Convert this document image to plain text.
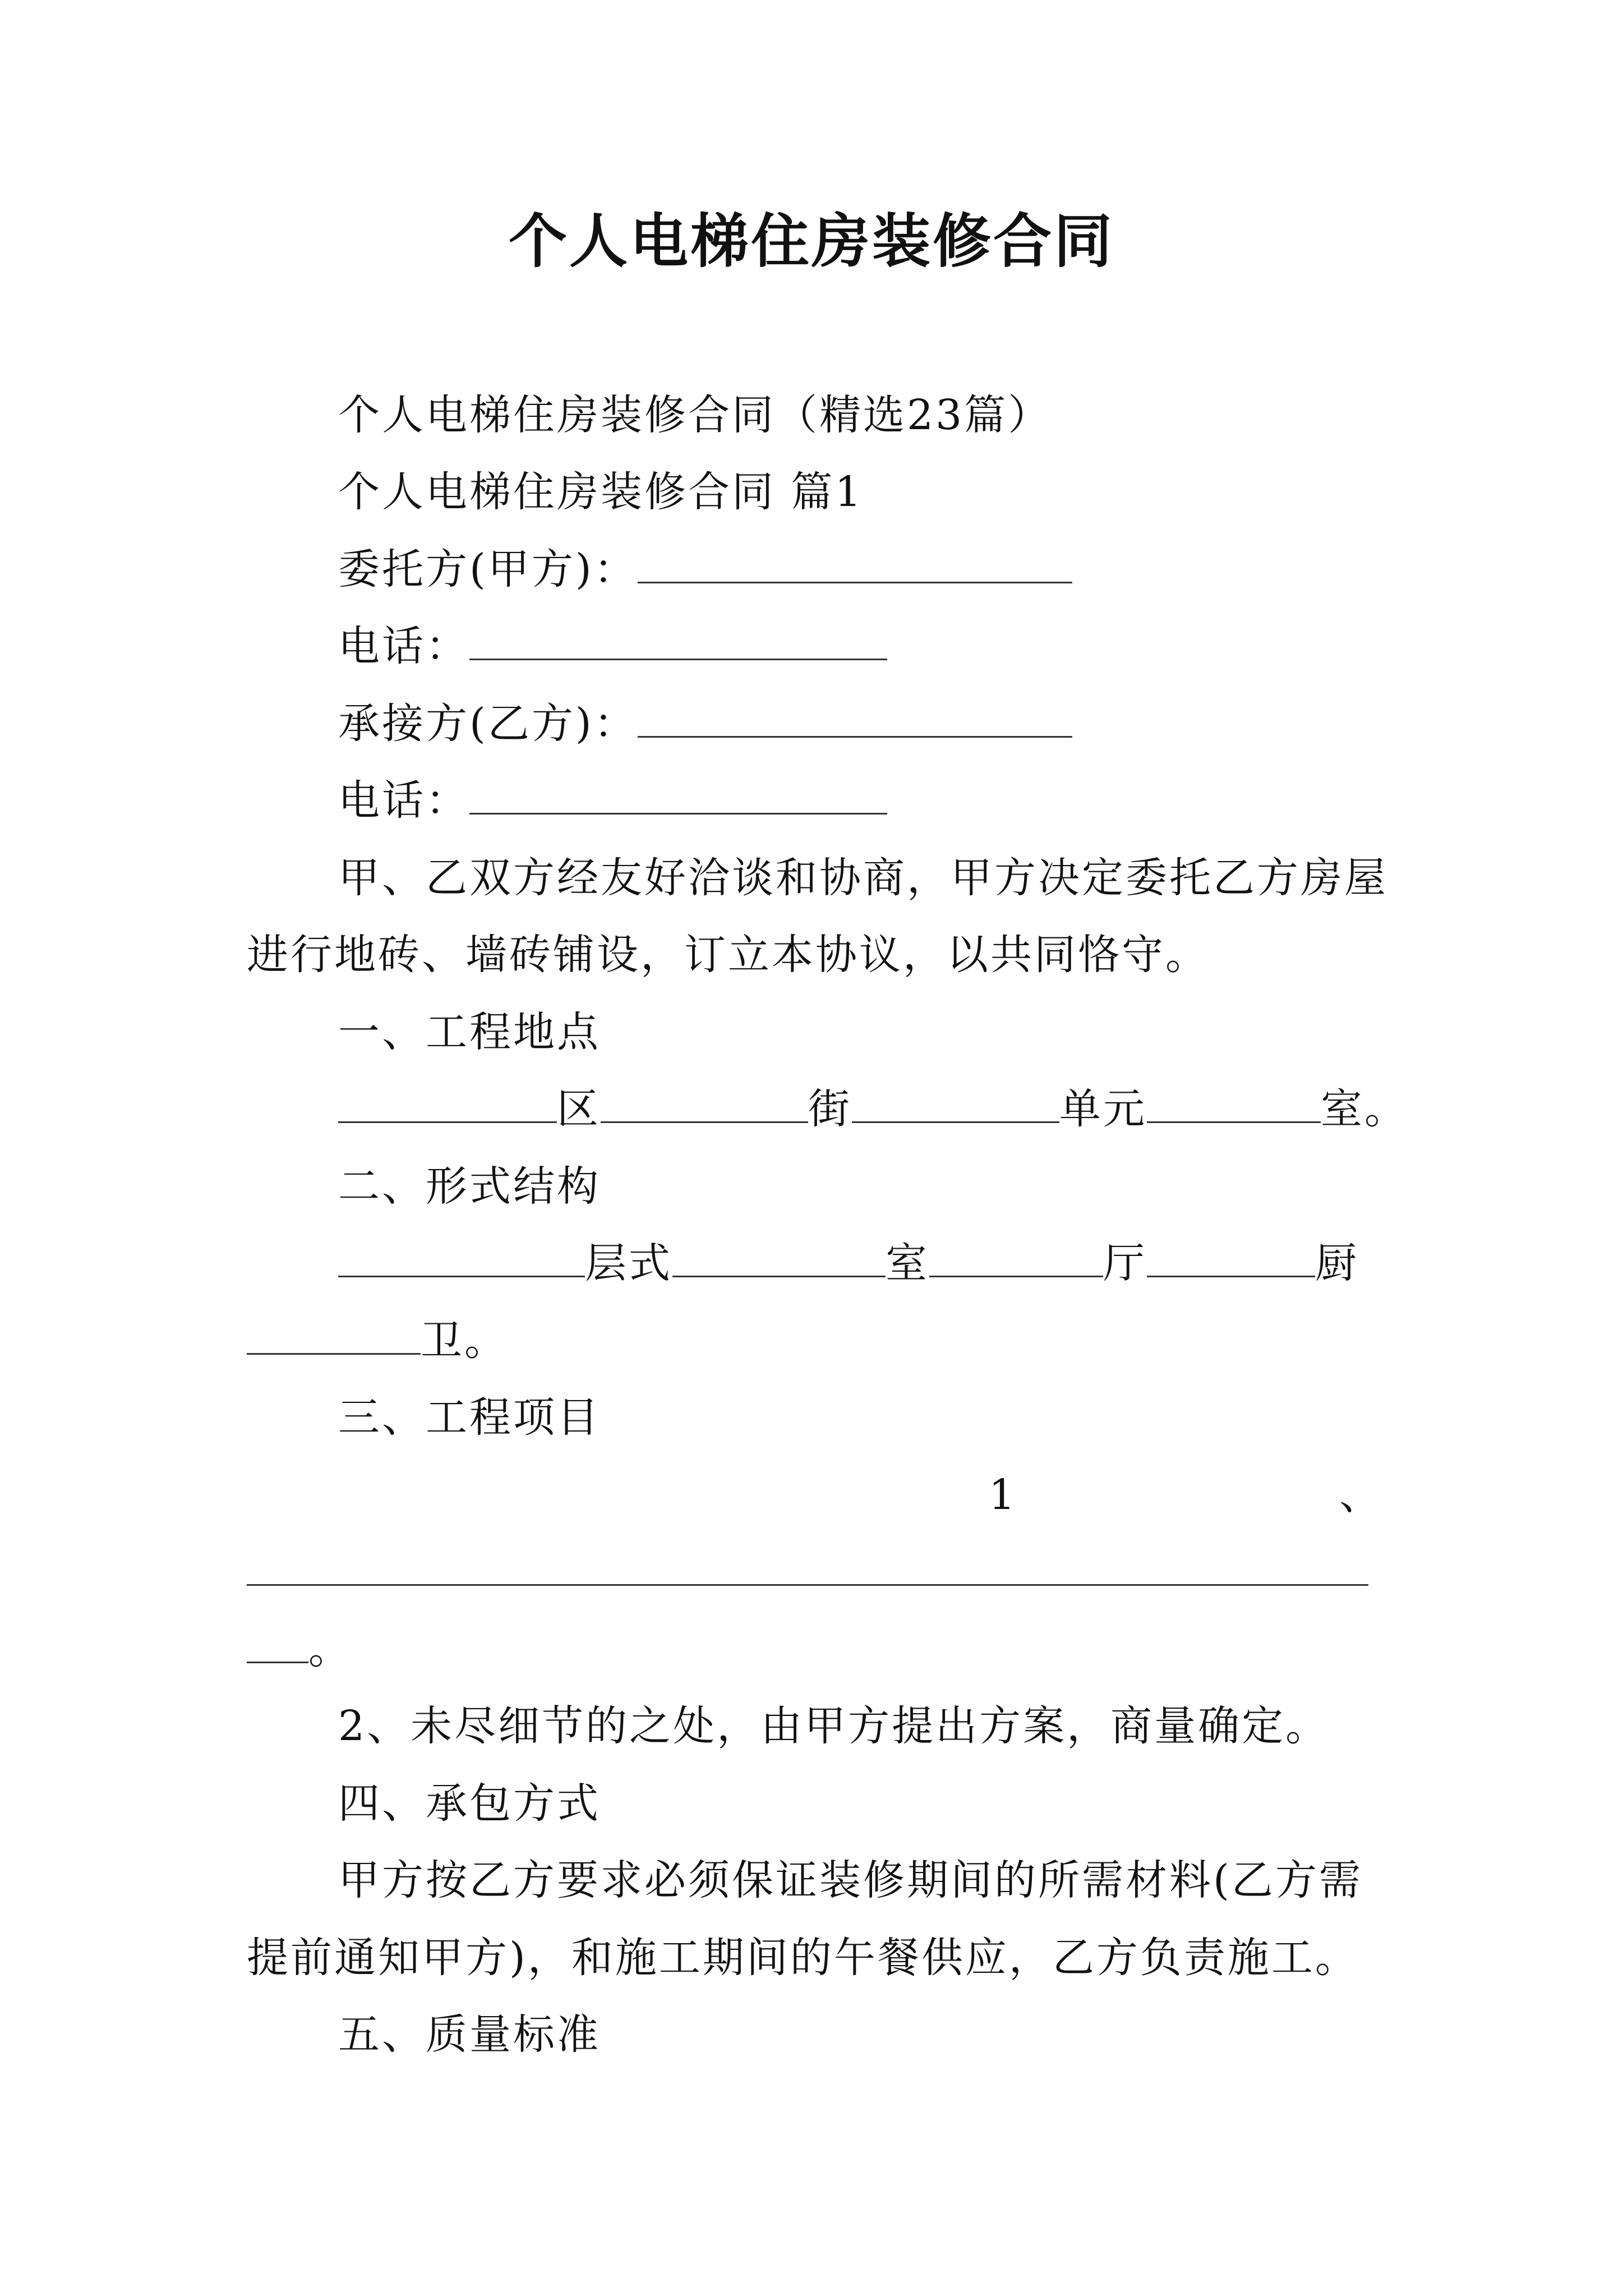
个人电梯住房装修合同
个人电梯住房装修合同（精选23篇）
个人电梯住房装修合同 篇1
委托方(甲方)：
电话：
承接方(乙方)：
电话：
甲、乙双方经友好洽谈和协商，甲方决定委托乙方房屋
进行地砖、墙砖铺设，订立本协议，以共同恪守。
一、工程地点
区	街	单元	室。
二、形式结构
层式	室	厅	厨
卫。
三、工程项目
1	、
。
2、未尽细节的之处，由甲方提出方案，商量确定。
四、承包方式
甲方按乙方要求必须保证装修期间的所需材料(乙方需
提前通知甲方)，和施工期间的午餐供应，乙方负责施工。
五、质量标准
